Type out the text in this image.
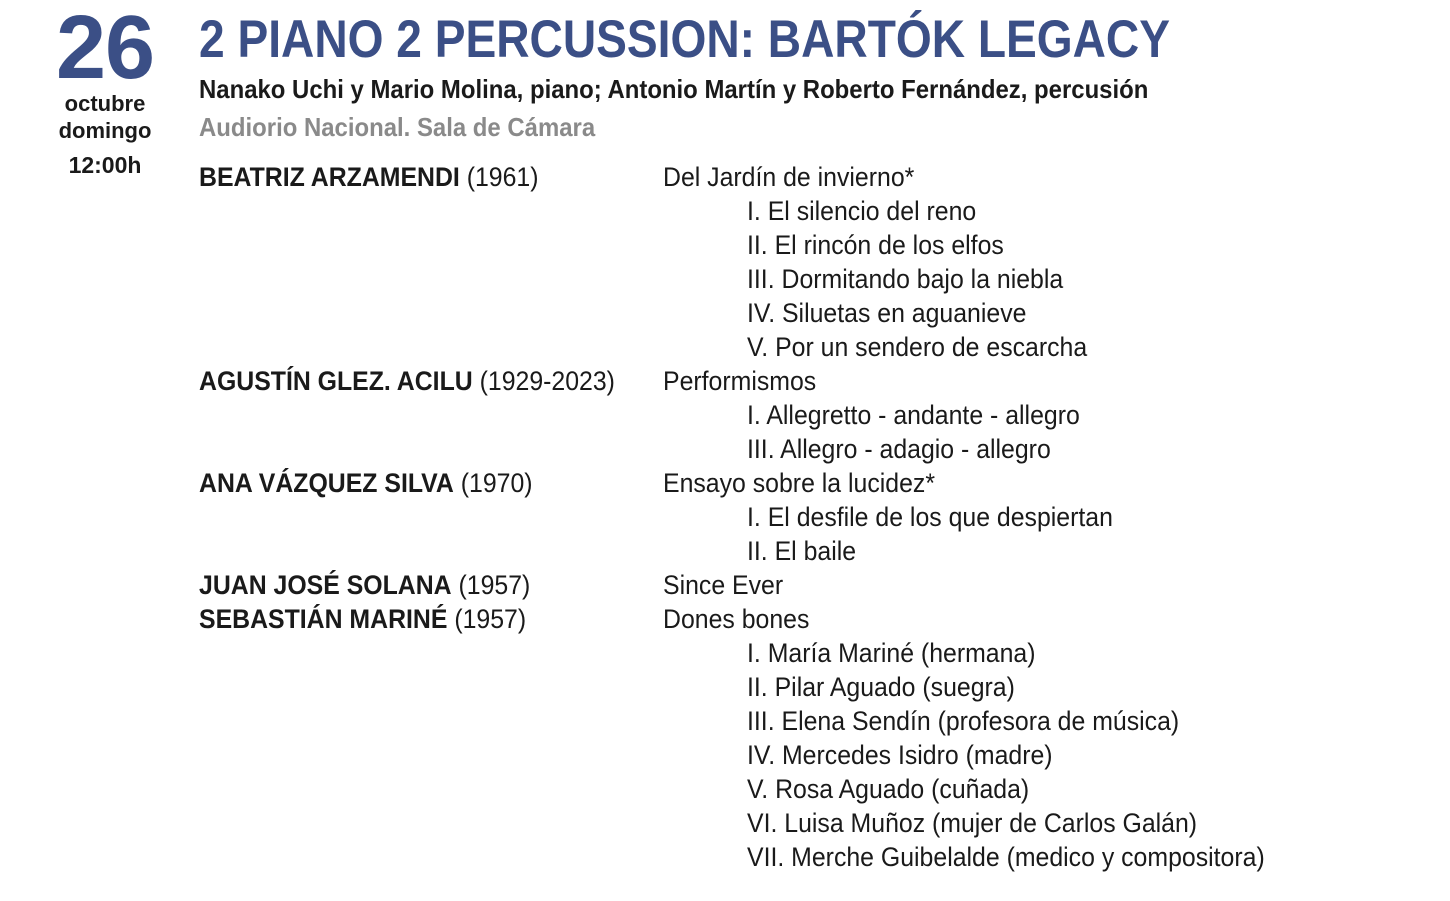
26
octubre
domingo
12:00h
2 PIANO 2 PERCUSSION: BARTÓK LEGACY
Nanako Uchi y Mario Molina, piano; Antonio Martín y Roberto Fernández, percusión
Audiorio Nacional. Sala de Cámara
BEATRIZ ARZAMENDI (1961)	Del Jardín de invierno*
I. El silencio del reno
II. El rincón de los elfos
III. Dormitando bajo la niebla
IV. Siluetas en aguanieve
V. Por un sendero de escarcha
AGUSTÍN GLEZ. ACILU (1929-2023) Performismos
I. Allegretto - andante - allegro
III. Allegro - adagio - allegro
ANA VÁZQUEZ SILVA (1970)	Ensayo sobre la lucidez*
I. El desfile de los que despiertan
II. El baile
JUAN JOSÉ SOLANA (1957)	Since Ever
SEBASTIÁN MARINÉ (1957)	Dones bones
I. María Mariné (hermana)
II. Pilar Aguado (suegra)
III. Elena Sendín (profesora de música)
IV. Mercedes Isidro (madre)
V. Rosa Aguado (cuñada)
VI. Luisa Muñoz (mujer de Carlos Galán)
VII. Merche Guibelalde (medico y compositora)
